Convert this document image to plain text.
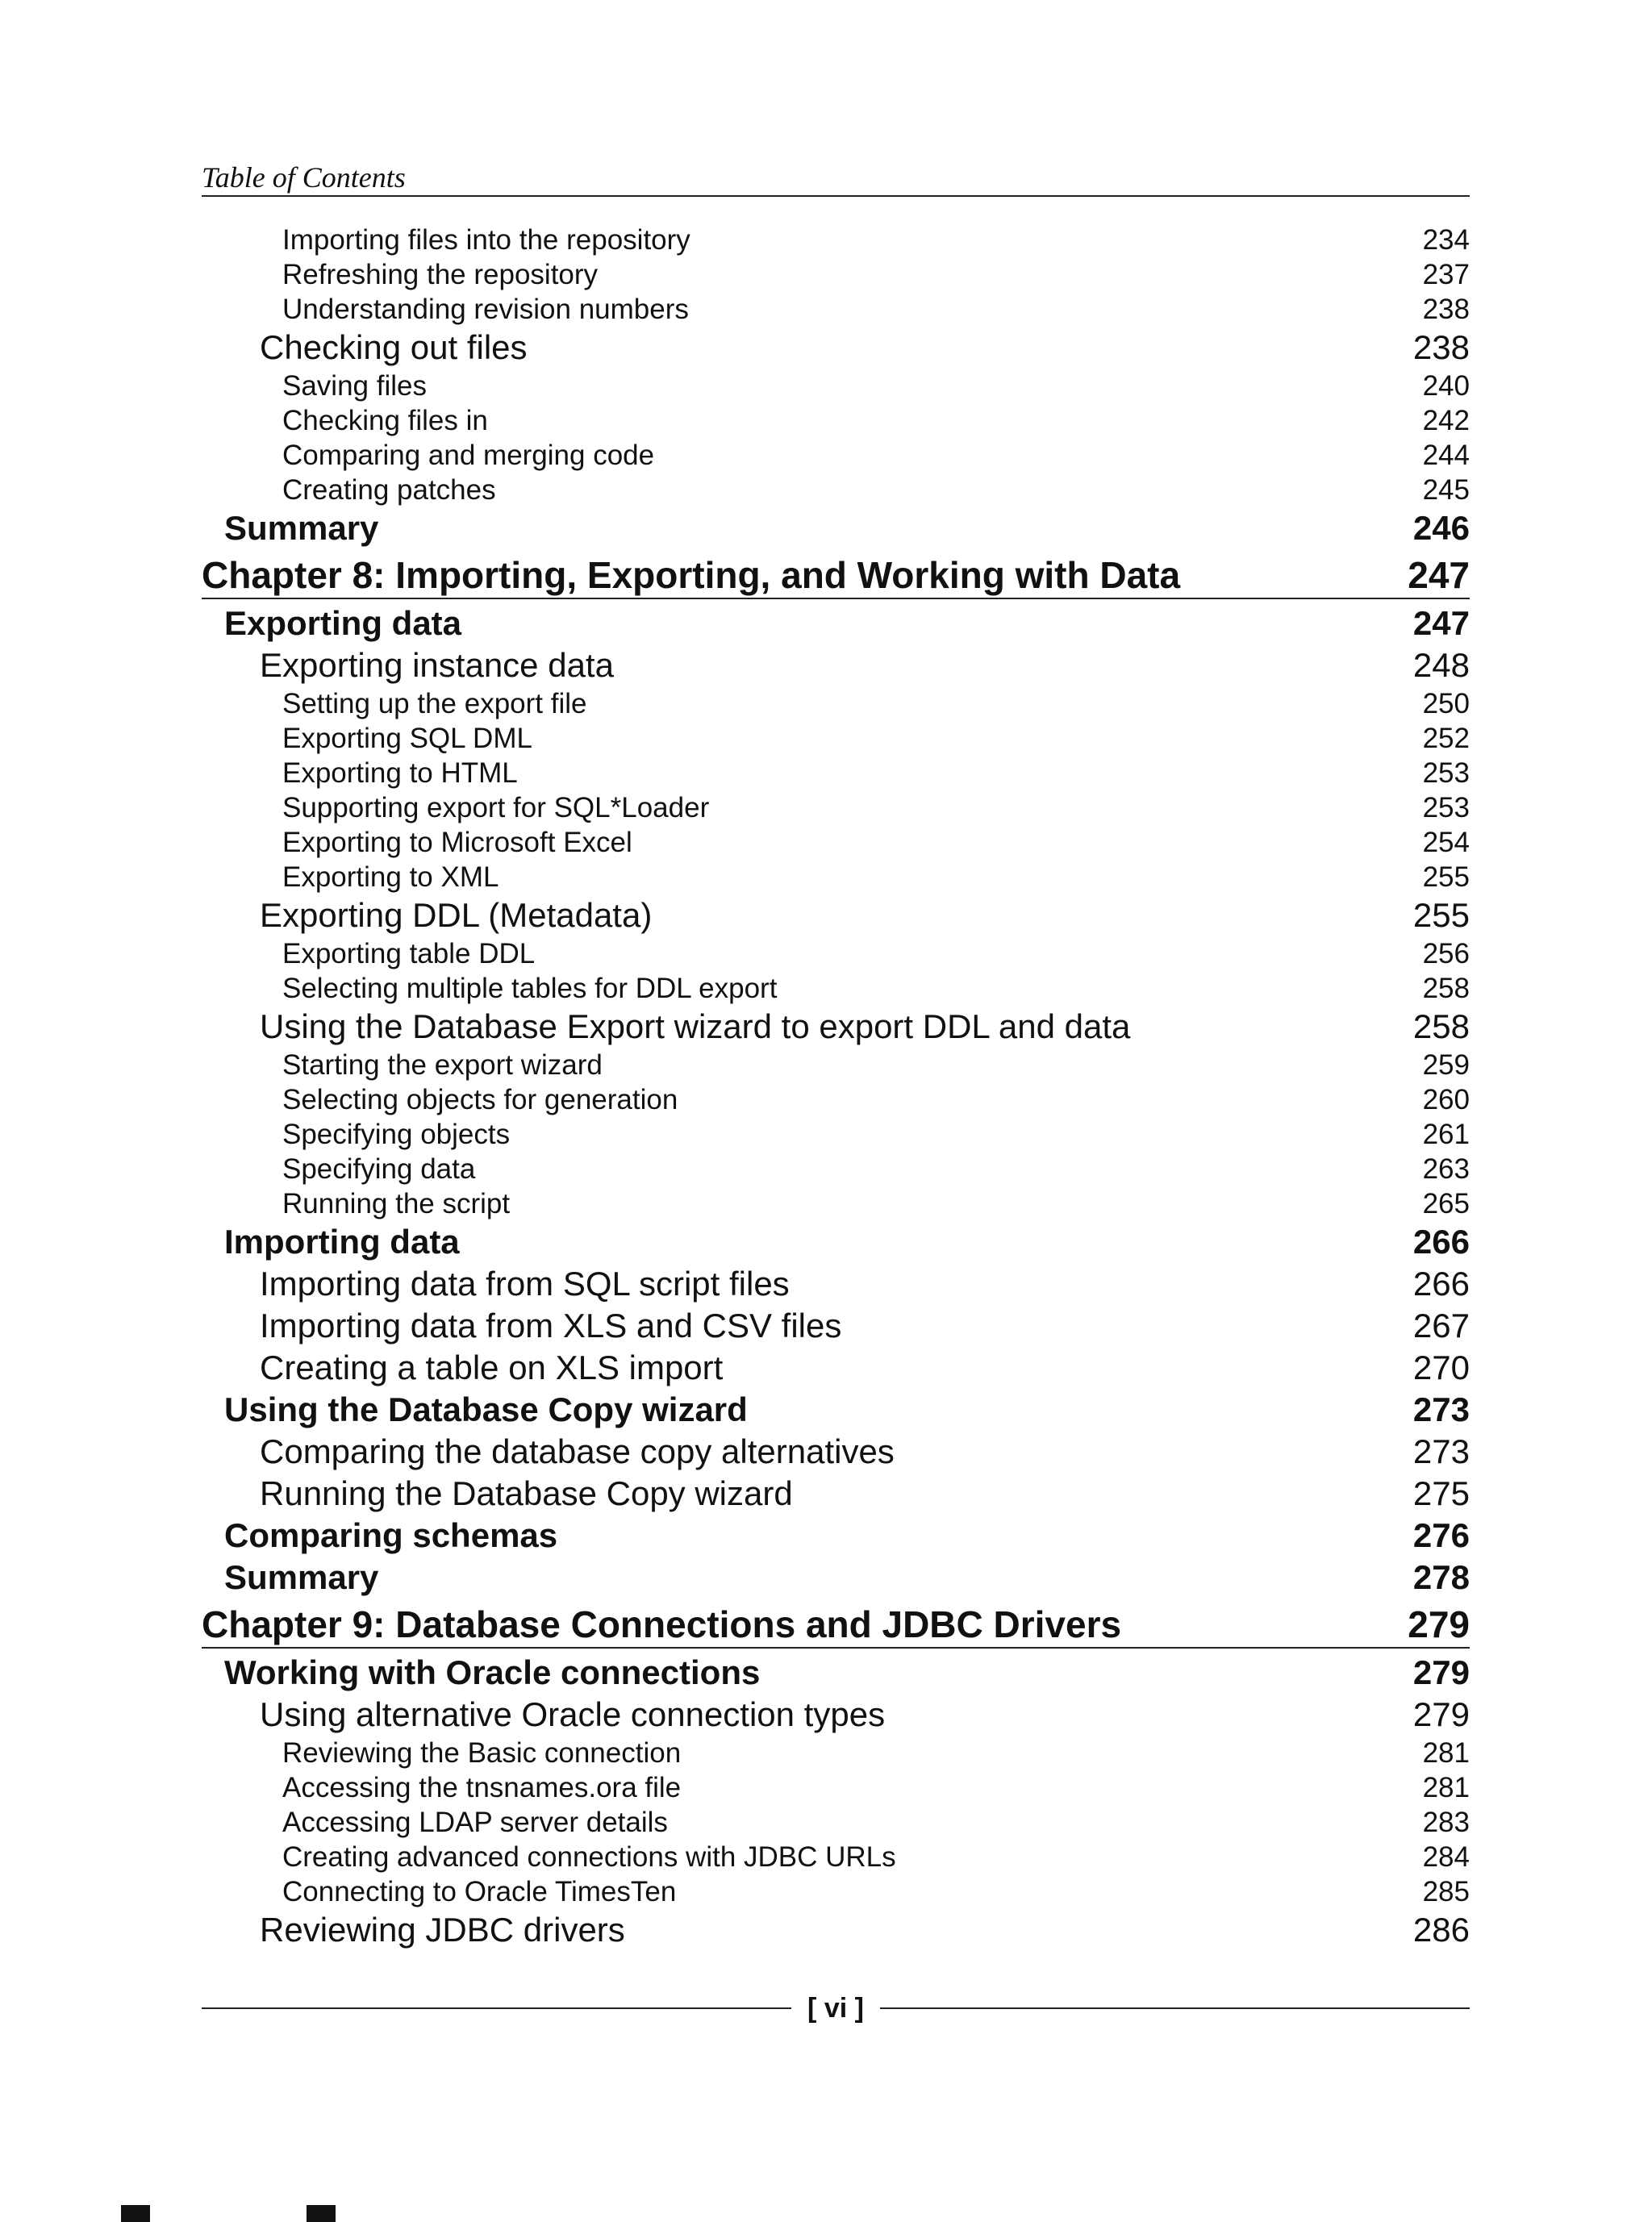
Table of Contents
Importing files into the repository	234
Refreshing the repository	237
Understanding revision numbers	238
Checking out files	238
Saving files	240
Checking files in	242
Comparing and merging code	244
Creating patches	245
Summary	246
Chapter 8: Importing, Exporting, and Working with Data	247
Exporting data	247
Exporting instance data	248
Setting up the export file	250
Exporting SQL DML	252
Exporting to HTML	253
Supporting export for SQL*Loader	253
Exporting to Microsoft Excel	254
Exporting to XML	255
Exporting DDL (Metadata)	255
Exporting table DDL	256
Selecting multiple tables for DDL export	258
Using the Database Export wizard to export DDL and data	258
Starting the export wizard	259
Selecting objects for generation	260
Specifying objects	261
Specifying data	263
Running the script	265
Importing data	266
Importing data from SQL script files	266
Importing data from XLS and CSV files	267
Creating a table on XLS import	270
Using the Database Copy wizard	273
Comparing the database copy alternatives	273
Running the Database Copy wizard	275
Comparing schemas	276
Summary	278
Chapter 9: Database Connections and JDBC Drivers	279
Working with Oracle connections	279
Using alternative Oracle connection types	279
Reviewing the Basic connection	281
Accessing the tnsnames.ora file	281
Accessing LDAP server details	283
Creating advanced connections with JDBC URLs	284
Connecting to Oracle TimesTen	285
Reviewing JDBC drivers	286
[ vi ]
